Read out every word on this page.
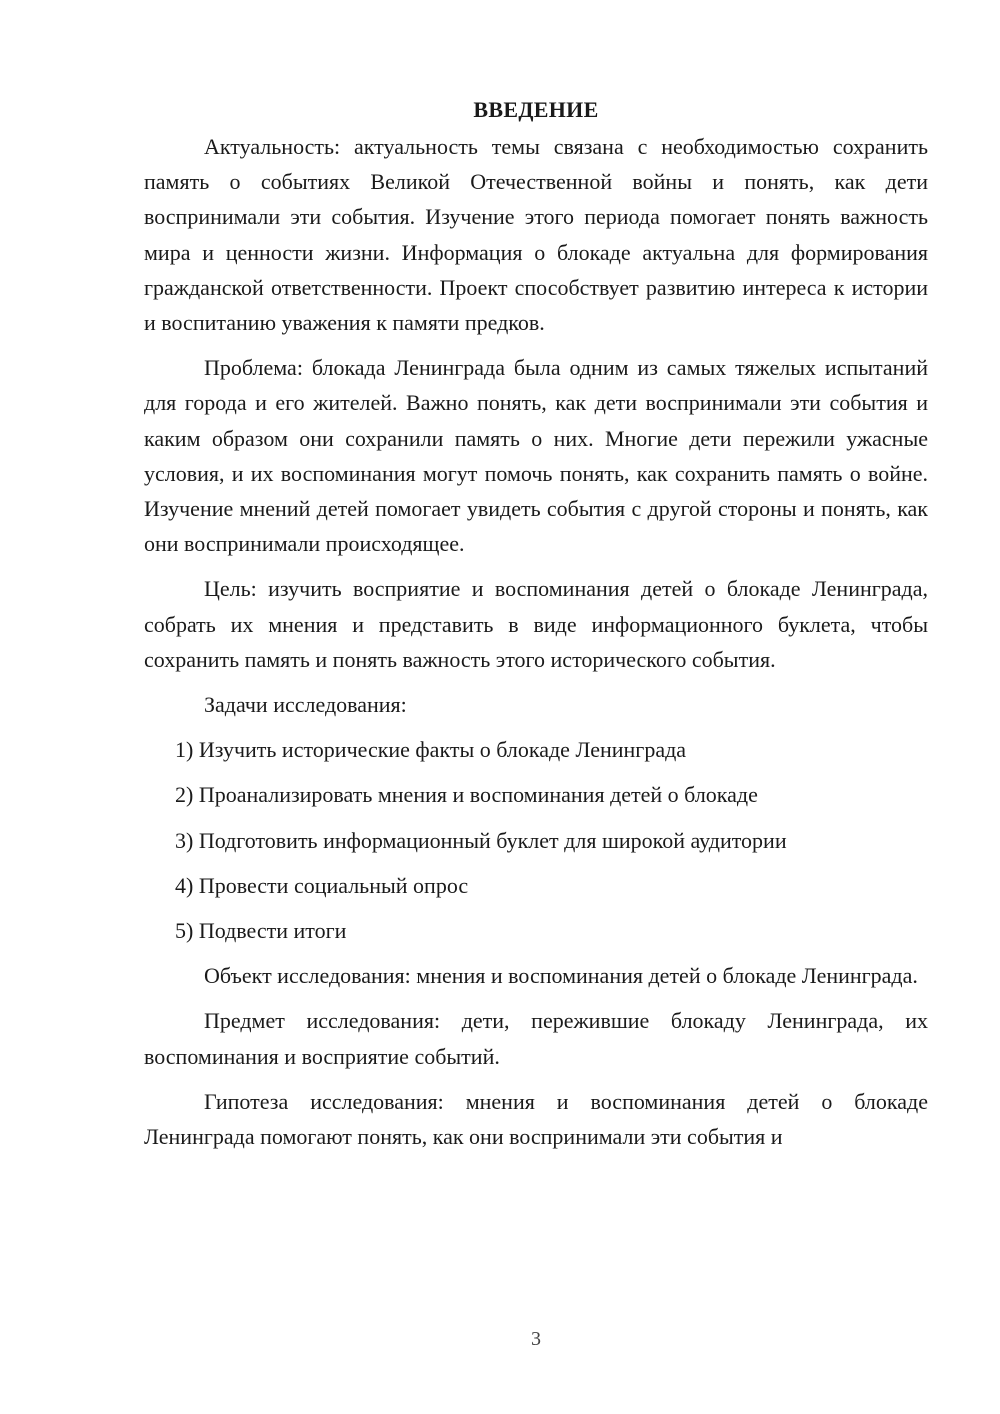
ВВЕДЕНИЕ

Актуальность: актуальность темы связана с необходимостью сохранить память о событиях Великой Отечественной войны и понять, как дети воспринимали эти события. Изучение этого периода помогает понять важность мира и ценности жизни. Информация о блокаде актуальна для формирования гражданской ответственности. Проект способствует развитию интереса к истории и воспитанию уважения к памяти предков.

Проблема: блокада Ленинграда была одним из самых тяжелых испытаний для города и его жителей. Важно понять, как дети воспринимали эти события и каким образом они сохранили память о них. Многие дети пережили ужасные условия, и их воспоминания могут помочь понять, как сохранить память о войне. Изучение мнений детей помогает увидеть события с другой стороны и понять, как они воспринимали происходящее.

Цель: изучить восприятие и воспоминания детей о блокаде Ленинграда, собрать их мнения и представить в виде информационного буклета, чтобы сохранить память и понять важность этого исторического события.

Задачи исследования:
1) Изучить исторические факты о блокаде Ленинграда
2) Проанализировать мнения и воспоминания детей о блокаде
3) Подготовить информационный буклет для широкой аудитории
4) Провести социальный опрос
5) Подвести итоги

Объект исследования: мнения и воспоминания детей о блокаде Ленинграда.

Предмет исследования: дети, пережившие блокаду Ленинграда, их воспоминания и восприятие событий.

Гипотеза исследования: мнения и воспоминания детей о блокаде Ленинграда помогают понять, как они воспринимали эти события и

3
